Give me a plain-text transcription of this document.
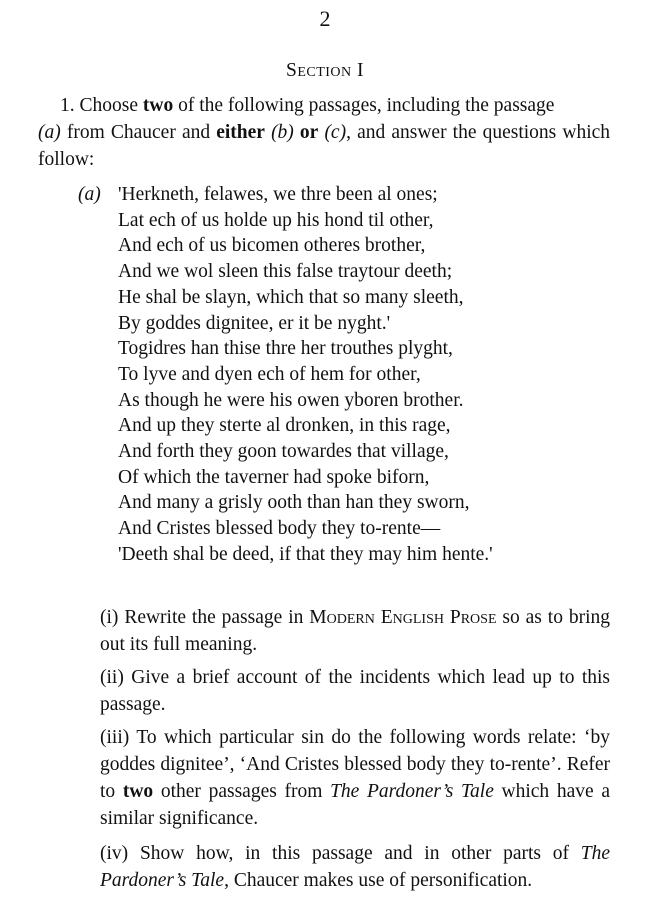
2
Section I
1. Choose two of the following passages, including the passage
(a) from Chaucer and either (b) or (c), and answer the questions which follow:
(a) 'Herkneth, felawes, we thre been al ones;
Lat ech of us holde up his hond til other,
And ech of us bicomen otheres brother,
And we wol sleen this false traytour deeth;
He shal be slayn, which that so many sleeth,
By goddes dignitee, er it be nyght.'
Togidres han thise thre her trouthes plyght,
To lyve and dyen ech of hem for other,
As though he were his owen yboren brother.
And up they sterte al dronken, in this rage,
And forth they goon towardes that village,
Of which the taverner had spoke biforn,
And many a grisly ooth than han they sworn,
And Cristes blessed body they to-rente—
'Deeth shal be deed, if that they may him hente.'
(i) Rewrite the passage in Modern English Prose so as to bring out its full meaning.
(ii) Give a brief account of the incidents which lead up to this passage.
(iii) To which particular sin do the following words relate: ‘by goddes dignitee’, ‘And Cristes blessed body they to-rente’. Refer to two other passages from The Pardoner’s Tale which have a similar significance.
(iv) Show how, in this passage and in other parts of The Pardoner’s Tale, Chaucer makes use of personification.
